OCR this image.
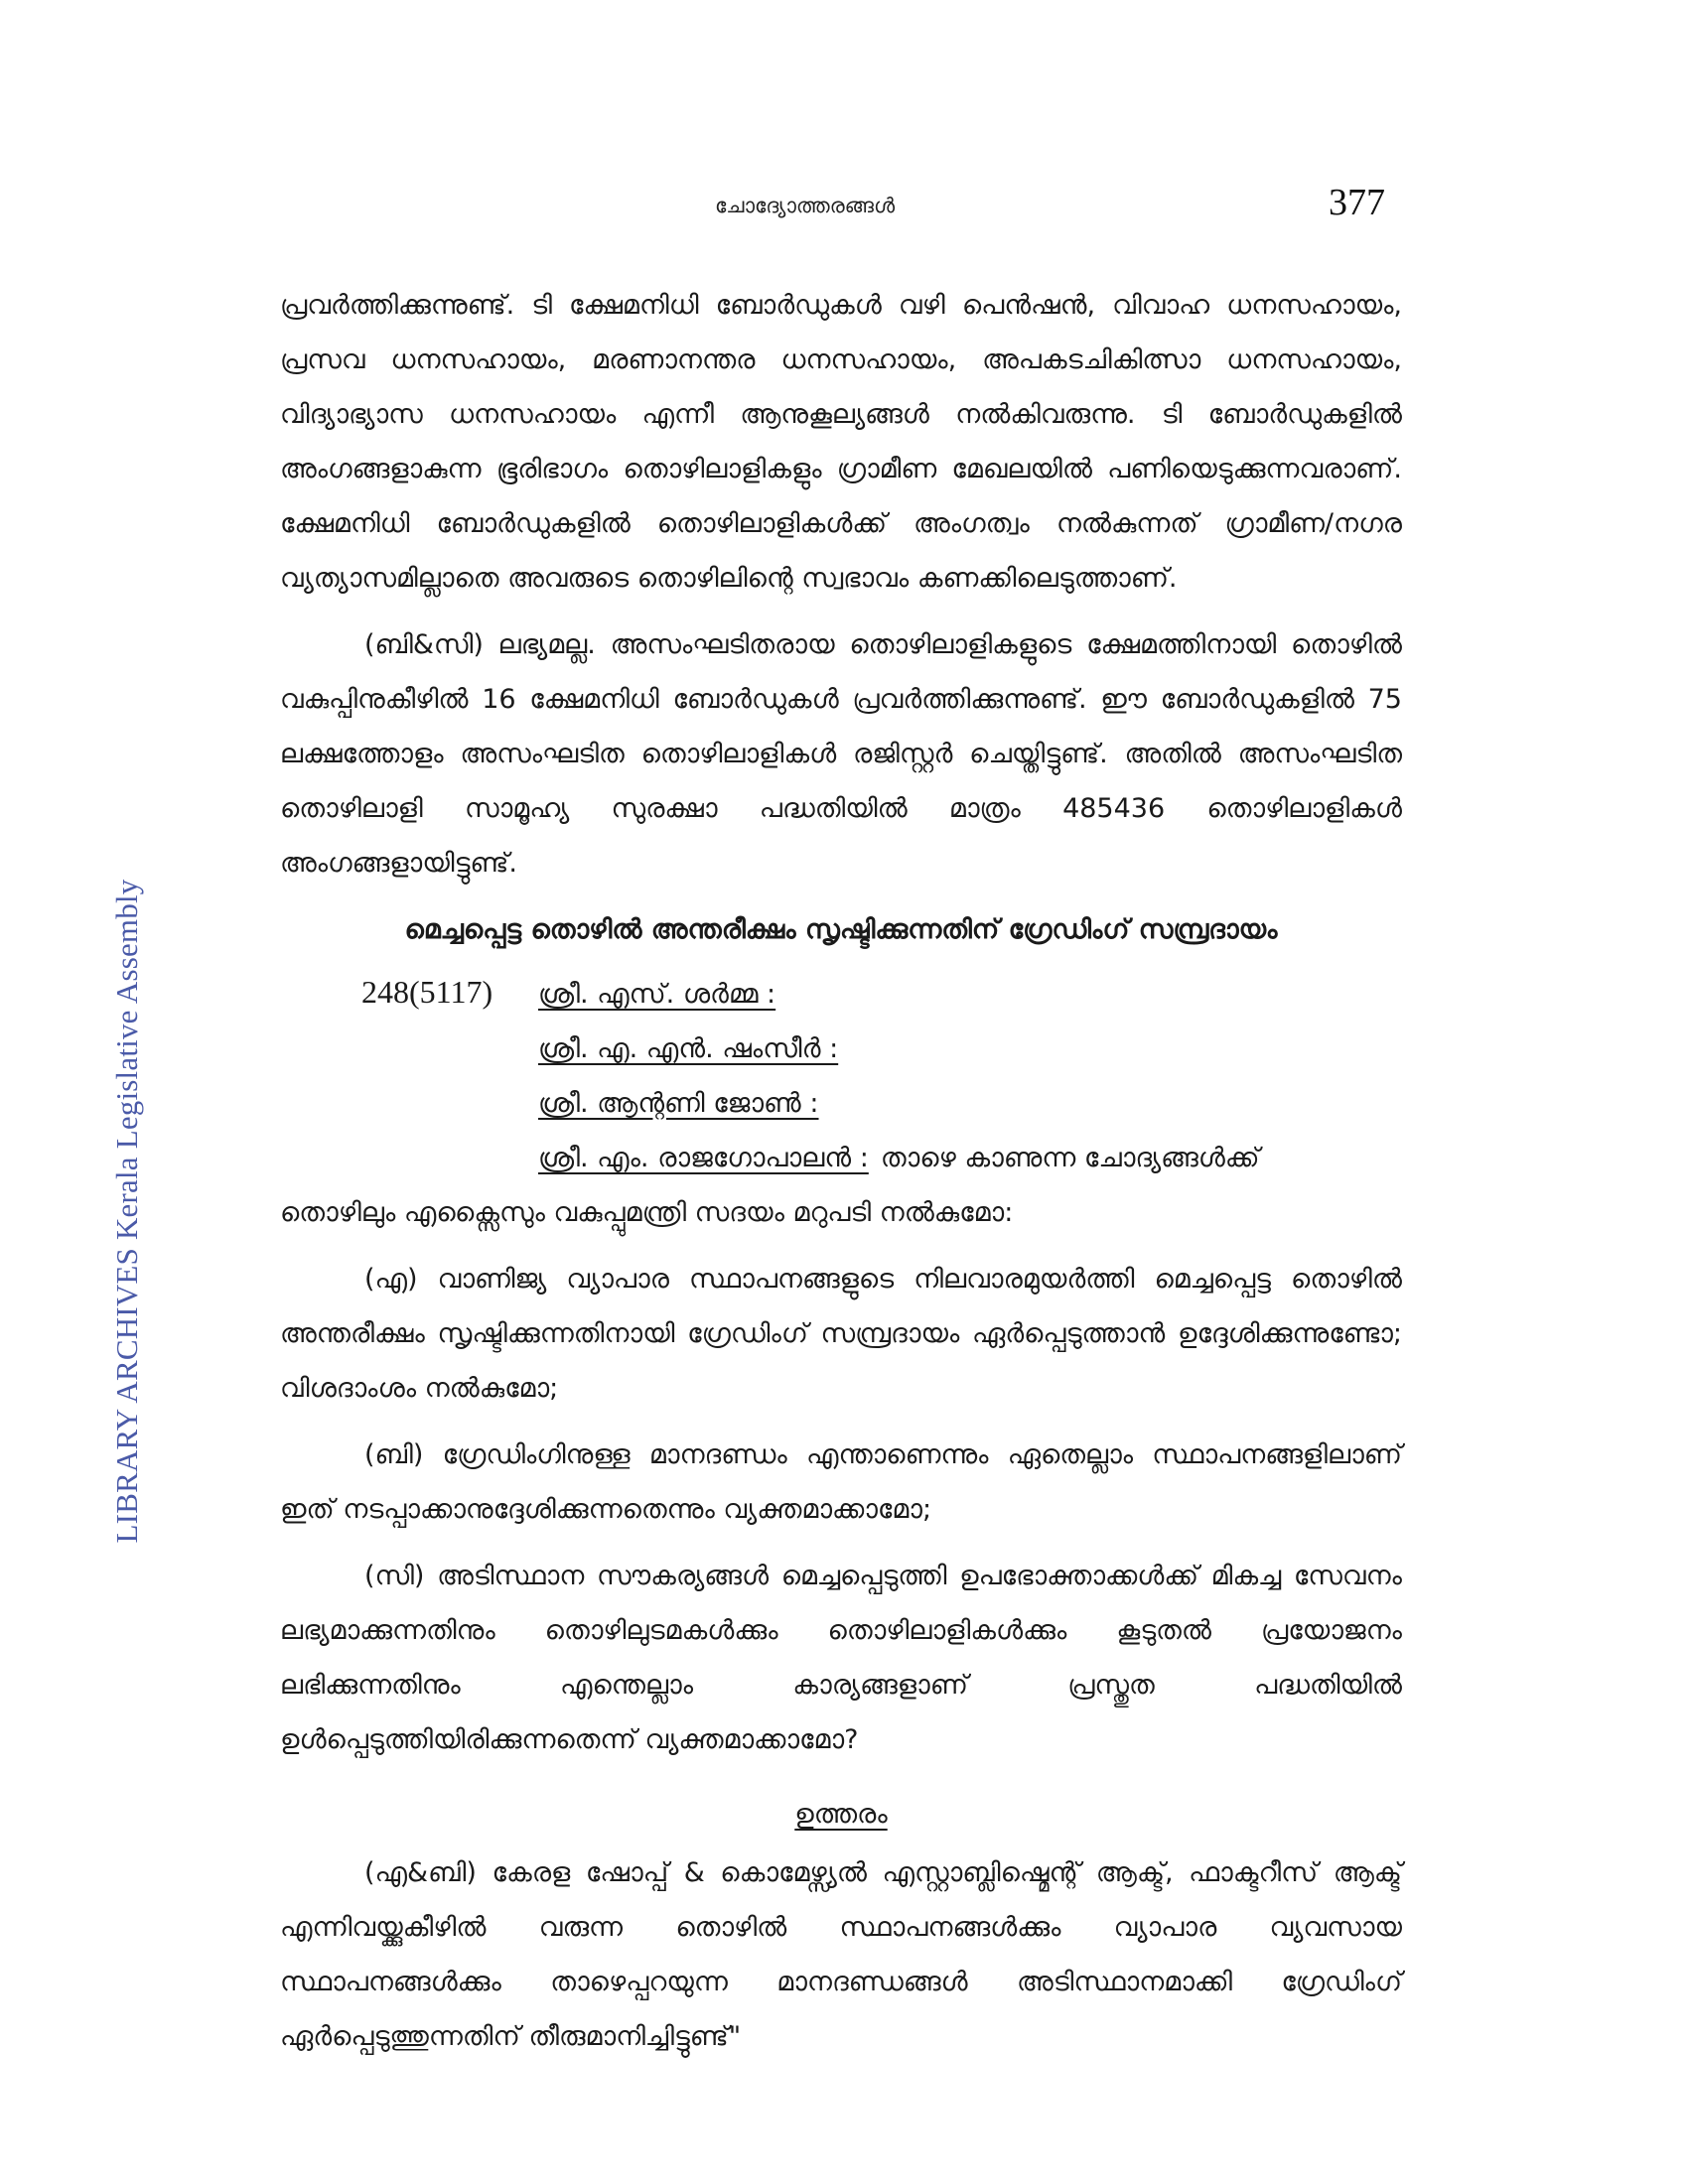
LIBRARY ARCHIVES Kerala Legislative Assembly
ചോദ്യോത്തരങ്ങൾ	377

പ്രവർത്തിക്കുന്നുണ്ട്. ടി ക്ഷേമനിധി ബോർഡുകൾ വഴി പെൻഷൻ, വിവാഹ ധനസഹായം, പ്രസവ ധനസഹായം, മരണാനന്തര ധനസഹായം, അപകടചികിത്സാ ധനസഹായം, വിദ്യാഭ്യാസ ധനസഹായം എന്നീ ആനുകൂല്യങ്ങൾ നൽകിവരുന്നു. ടി ബോർഡുകളിൽ അംഗങ്ങളാകുന്ന ഭൂരിഭാഗം തൊഴിലാളികളും ഗ്രാമീണ മേഖലയിൽ പണിയെടുക്കുന്നവരാണ്. ക്ഷേമനിധി ബോർഡുകളിൽ തൊഴിലാളികൾക്ക് അംഗത്വം നൽകുന്നത് ഗ്രാമീണ/നഗര വ്യത്യാസമില്ലാതെ അവരുടെ തൊഴിലിന്റെ സ്വഭാവം കണക്കിലെടുത്താണ്.

(ബി&സി) ലഭ്യമല്ല. അസംഘടിതരായ തൊഴിലാളികളുടെ ക്ഷേമത്തിനായി തൊഴിൽ വകുപ്പിനുകീഴിൽ 16 ക്ഷേമനിധി ബോർഡുകൾ പ്രവർത്തിക്കുന്നുണ്ട്. ഈ ബോർഡുകളിൽ 75 ലക്ഷത്തോളം അസംഘടിത തൊഴിലാളികൾ രജിസ്റ്റർ ചെയ്തിട്ടുണ്ട്. അതിൽ അസംഘടിത തൊഴിലാളി സാമൂഹ്യ സുരക്ഷാ പദ്ധതിയിൽ മാത്രം 485436 തൊഴിലാളികൾ അംഗങ്ങളായിട്ടുണ്ട്.

മെച്ചപ്പെട്ട തൊഴിൽ അന്തരീക്ഷം സൃഷ്ടിക്കുന്നതിന് ഗ്രേഡിംഗ് സമ്പ്രദായം

248(5117) ശ്രീ. എസ്. ശർമ്മ :

ശ്രീ. എ. എൻ. ഷംസീർ :

ശ്രീ. ആന്റണി ജോൺ :

ശ്രീ. എം. രാജഗോപാലൻ : താഴെ കാണുന്ന ചോദ്യങ്ങൾക്ക്

തൊഴിലും എക്സൈസും വകുപ്പുമന്ത്രി സദയം മറുപടി നൽകുമോ:

(എ) വാണിജ്യ വ്യാപാര സ്ഥാപനങ്ങളുടെ നിലവാരമുയർത്തി മെച്ചപ്പെട്ട തൊഴിൽ അന്തരീക്ഷം സൃഷ്ടിക്കുന്നതിനായി ഗ്രേഡിംഗ് സമ്പ്രദായം ഏർപ്പെടുത്താൻ ഉദ്ദേശിക്കുന്നുണ്ടോ; വിശദാംശം നൽകുമോ;

(ബി) ഗ്രേഡിംഗിനുള്ള മാനദണ്ഡം എന്താണെന്നും ഏതെല്ലാം സ്ഥാപനങ്ങളിലാണ് ഇത് നടപ്പാക്കാനുദ്ദേശിക്കുന്നതെന്നും വ്യക്തമാക്കാമോ;

(സി) അടിസ്ഥാന സൗകര്യങ്ങൾ മെച്ചപ്പെടുത്തി ഉപഭോക്താക്കൾക്ക് മികച്ച സേവനം ലഭ്യമാക്കുന്നതിനും തൊഴിലുടമകൾക്കും തൊഴിലാളികൾക്കും കൂടുതൽ പ്രയോജനം ലഭിക്കുന്നതിനും എന്തെല്ലാം കാര്യങ്ങളാണ് പ്രസ്തുത പദ്ധതിയിൽ ഉൾപ്പെടുത്തിയിരിക്കുന്നതെന്ന് വ്യക്തമാക്കാമോ?

ഉത്തരം

(എ&ബി) കേരള ഷോപ്പ് & കൊമേഴ്സ്യൽ എസ്റ്റാബ്ലിഷ്മെന്റ് ആക്ട്, ഫാക്ടറീസ് ആക്ട് എന്നിവയ്ക്കുകീഴിൽ വരുന്ന തൊഴിൽ സ്ഥാപനങ്ങൾക്കും വ്യാപാര വ്യവസായ സ്ഥാപനങ്ങൾക്കും താഴെപ്പറയുന്ന മാനദണ്ഡങ്ങൾ അടിസ്ഥാനമാക്കി ഗ്രേഡിംഗ് ഏർപ്പെടുത്തുന്നതിന് തീരുമാനിച്ചിട്ടുണ്ട്"
